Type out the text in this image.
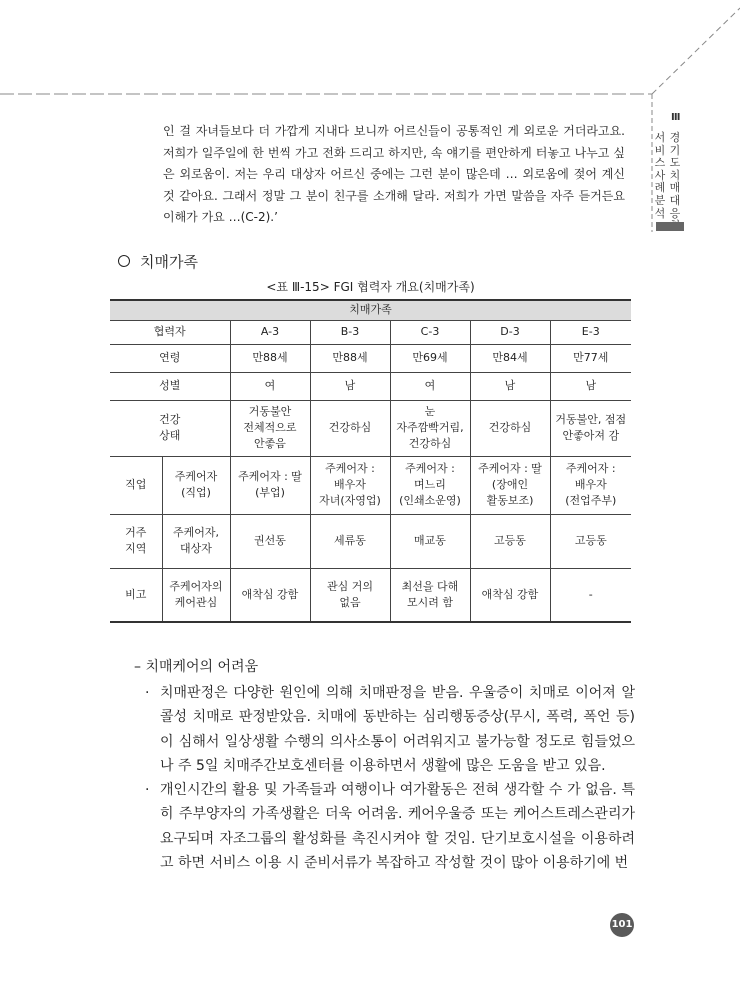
Ⅲ
서비스사례분석
경기도치매대응

인 걸 자녀들보다 더 가깝게 지내다 보니까 어르신들이 공통적인 게 외로운 거더라고요. 저희가 일주일에 한 번씩 가고 전화 드리고 하지만, 속 얘기를 편안하게 터놓고 나누고 싶은 외로움이. 저는 우리 대상자 어르신 중에는 그런 분이 많은데 … 외로움에 젖어 계신 것 같아요. 그래서 정말 그 분이 친구를 소개해 달라. 저희가 가면 말씀을 자주 듣거든요 이해가 가요 …(C-2).’

치매가족
<표 Ⅲ-15> FGI 협력자 개요(치매가족)
치매가족						

협력자		A-3	B-3	C-3	D-3	E-3

연령		만88세	만88세	만69세	만84세	만77세

성별		여	남	여	남	남

건강
상태		거동불안
전체적으로
안좋음	건강하심	눈
자주깜빡거림,
건강하심	건강하심	거동불안, 점점
안좋아져 감

직업	주케어자
(직업)	주케어자 : 딸
(부업)	주케어자 :
배우자
자녀(자영업)	주케어자 :
며느리
(인쇄소운영)	주케어자 : 딸
(장애인
활동보조)	주케어자 :
배우자
(전업주부)

거주
지역	주케어자,
대상자	권선동	세류동	매교동	고등동	고등동

비고	주케어자의
케어관심	애착심 강함	관심 거의
없음	최선을 다해
모시려 함	애착심 강함	-
– 치매케어의 어려움
· 치매판정은 다양한 원인에 의해 치매판정을 받음. 우울증이 치매로 이어져 알콜성 치매로 판정받았음. 치매에 동반하는 심리행동증상(무시, 폭력, 폭언 등)이 심해서 일상생활 수행의 의사소통이 어려워지고 불가능할 정도로 힘들었으나 주 5일 치매주간보호센터를 이용하면서 생활에 많은 도움을 받고 있음.
· 개인시간의 활용 및 가족들과 여행이나 여가활동은 전혀 생각할 수 가 없음. 특히 주부양자의 가족생활은 더욱 어려움. 케어우울증 또는 케어스트레스관리가 요구되며 자조그룹의 활성화를 촉진시켜야 할 것임. 단기보호시설을 이용하려고 하면 서비스 이용 시 준비서류가 복잡하고 작성할 것이 많아 이용하기에 번
101
